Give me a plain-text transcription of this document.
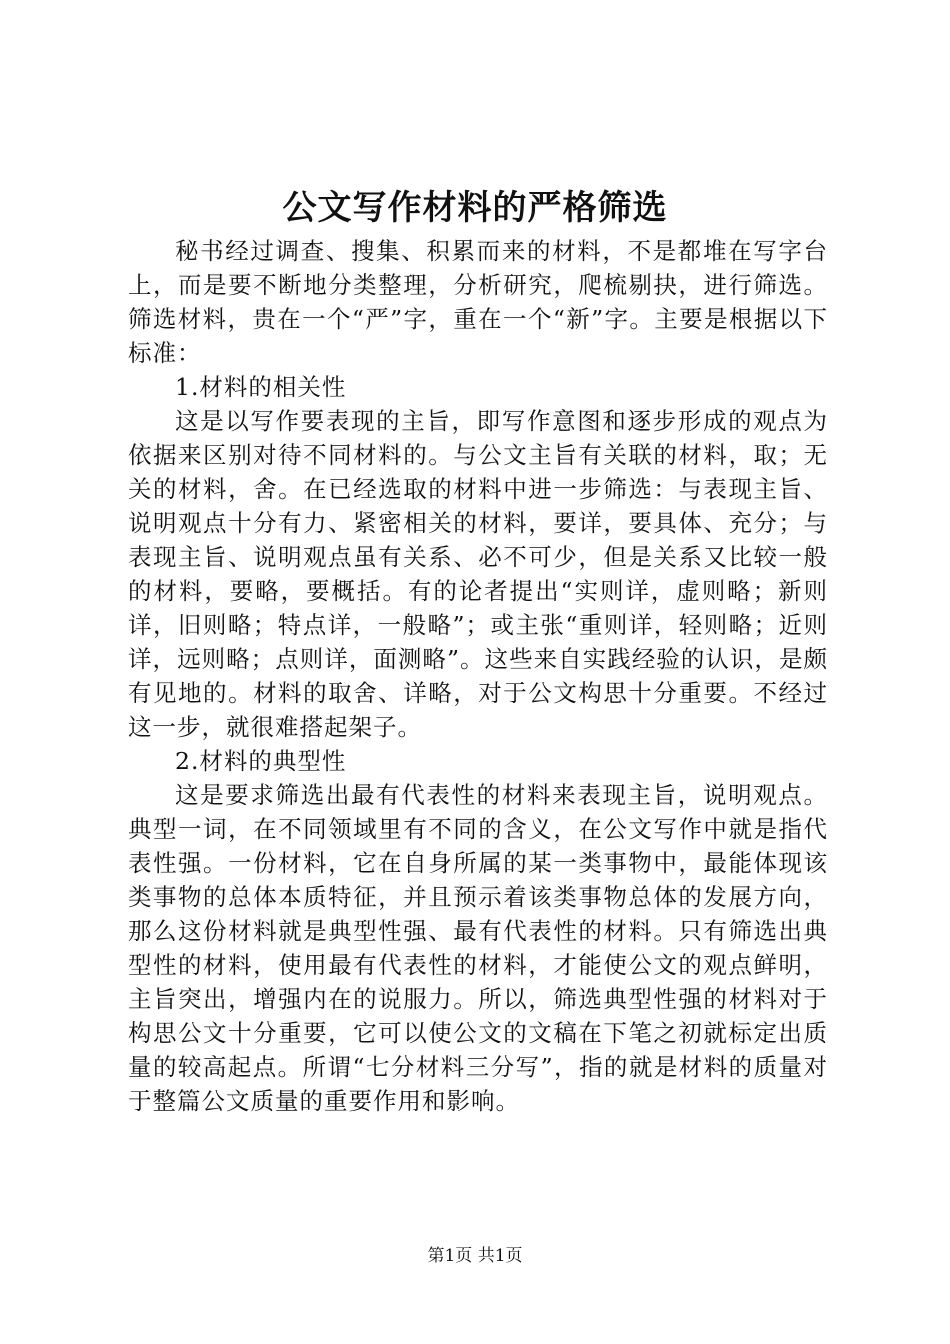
公文写作材料的严格筛选

秘书经过调查、搜集、积累而来的材料，不是都堆在写字台上，而是要不断地分类整理，分析研究，爬梳剔抉，进行筛选。筛选材料，贵在一个“严”字，重在一个“新”字。主要是根据以下标准：

1.材料的相关性

这是以写作要表现的主旨，即写作意图和逐步形成的观点为依据来区别对待不同材料的。与公文主旨有关联的材料，取；无关的材料，舍。在已经选取的材料中进一步筛选：与表现主旨、说明观点十分有力、紧密相关的材料，要详，要具体、充分；与表现主旨、说明观点虽有关系、必不可少，但是关系又比较一般的材料，要略，要概括。有的论者提出“实则详，虚则略；新则详，旧则略；特点详，一般略”；或主张“重则详，轻则略；近则详，远则略；点则详，面测略”。这些来自实践经验的认识，是颇有见地的。材料的取舍、详略，对于公文构思十分重要。不经过这一步，就很难搭起架子。

2.材料的典型性

这是要求筛选出最有代表性的材料来表现主旨，说明观点。典型一词，在不同领域里有不同的含义，在公文写作中就是指代表性强。一份材料，它在自身所属的某一类事物中，最能体现该类事物的总体本质特征，并且预示着该类事物总体的发展方向，那么这份材料就是典型性强、最有代表性的材料。只有筛选出典型性的材料，使用最有代表性的材料，才能使公文的观点鲜明，主旨突出，增强内在的说服力。所以，筛选典型性强的材料对于构思公文十分重要，它可以使公文的文稿在下笔之初就标定出质量的较高起点。所谓“七分材料三分写”，指的就是材料的质量对于整篇公文质量的重要作用和影响。

第1页 共1页
